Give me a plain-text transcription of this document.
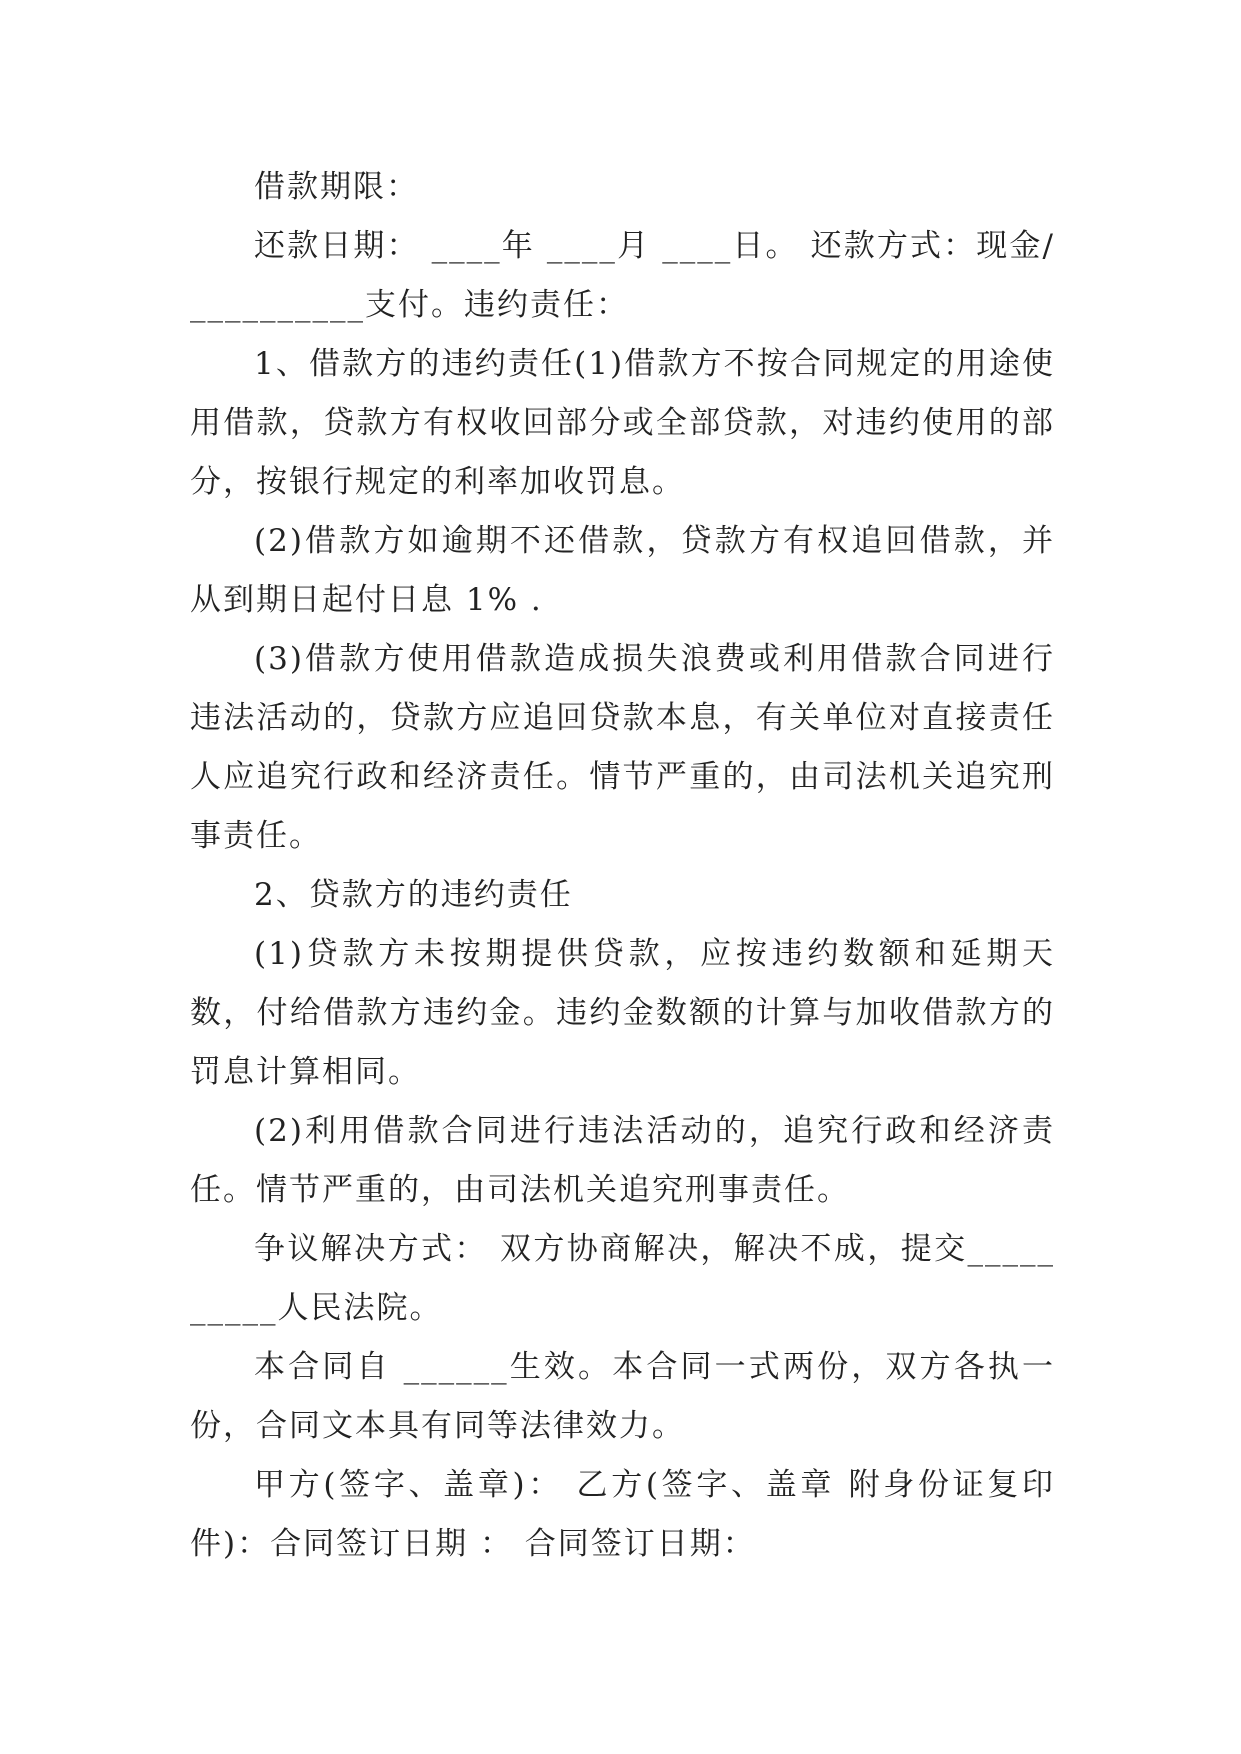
借款期限：

还款日期： ____年 ____月 ____日。 还款方式：现金/__________支付。违约责任：

1、借款方的违约责任(1)借款方不按合同规定的用途使用借款，贷款方有权收回部分或全部贷款，对违约使用的部分，按银行规定的利率加收罚息。

(2)借款方如逾期不还借款，贷款方有权追回借款，并从到期日起付日息 1% .

(3)借款方使用借款造成损失浪费或利用借款合同进行违法活动的，贷款方应追回贷款本息，有关单位对直接责任人应追究行政和经济责任。情节严重的，由司法机关追究刑事责任。

2、贷款方的违约责任

(1)贷款方未按期提供贷款，应按违约数额和延期天数，付给借款方违约金。违约金数额的计算与加收借款方的罚息计算相同。

(2)利用借款合同进行违法活动的，追究行政和经济责任。情节严重的，由司法机关追究刑事责任。

争议解决方式： 双方协商解决，解决不成，提交__________人民法院。

本合同自 ______生效。本合同一式两份，双方各执一份，合同文本具有同等法律效力。

甲方(签字、盖章)： 乙方(签字、盖章 附身份证复印件)：合同签订日期 ： 合同签订日期：
